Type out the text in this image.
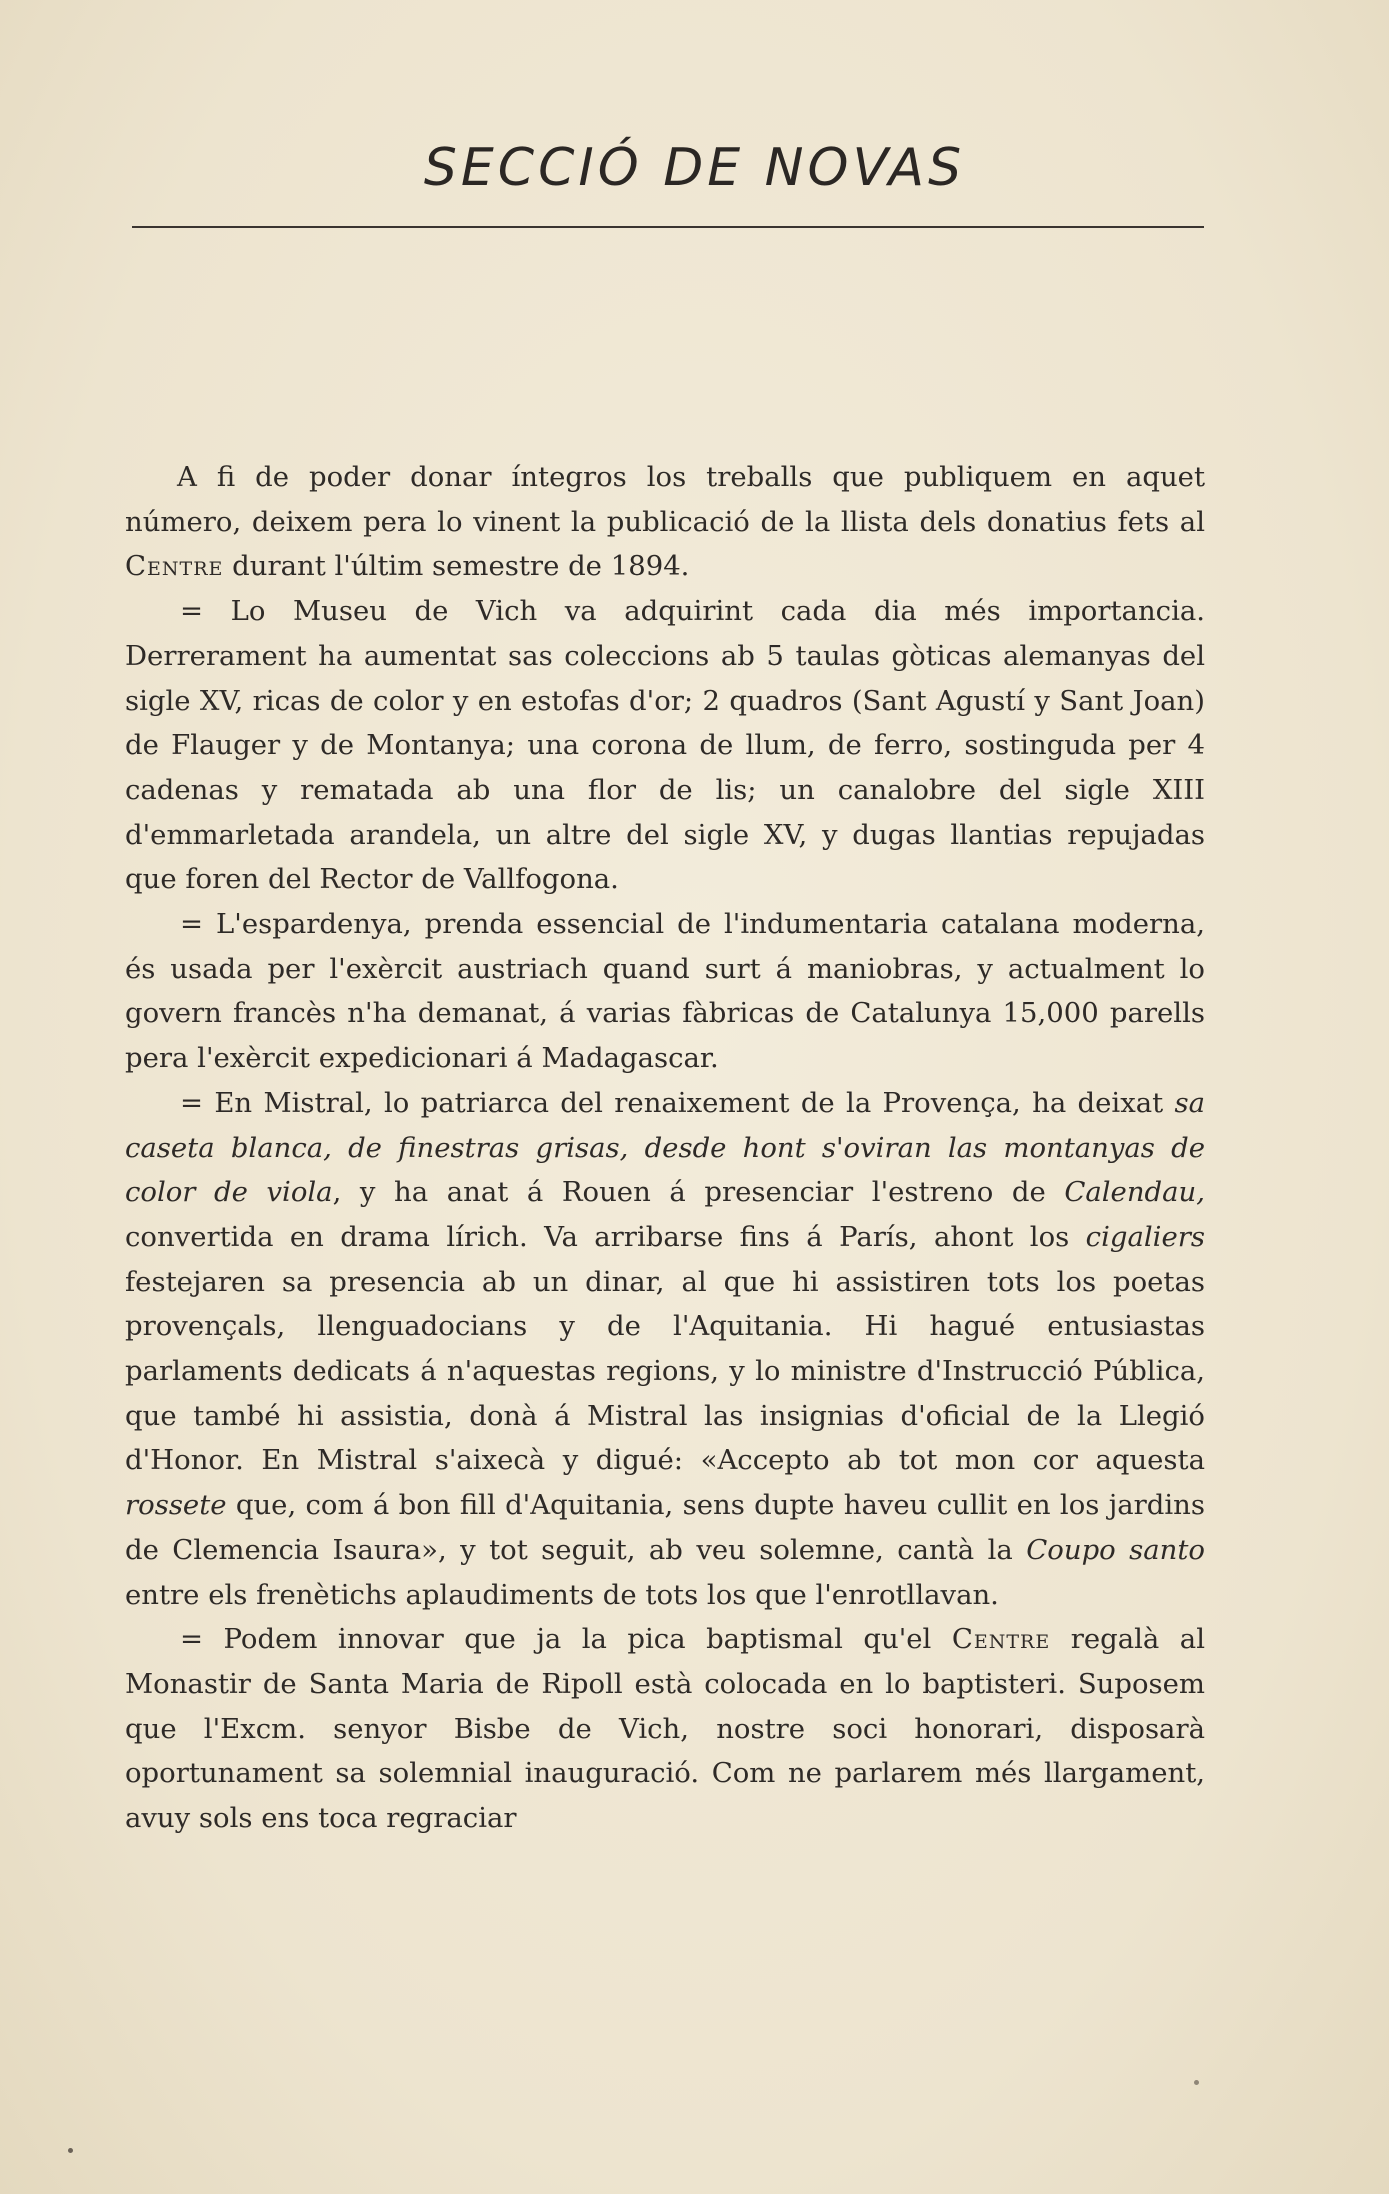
SECCIÓ DE NOVAS

A fi de poder donar íntegros los treballs que publiquem en aquet número, deixem pera lo vinent la publicació de la llista dels donatius fets al Centre durant l'últim semestre de 1894.

= Lo Museu de Vich va adquirint cada dia més importancia. Derrerament ha aumentat sas coleccions ab 5 taulas gòticas alemanyas del sigle XV, ricas de color y en estofas d'or; 2 quadros (Sant Agustí y Sant Joan) de Flauger y de Montanya; una corona de llum, de ferro, sostinguda per 4 cadenas y rematada ab una flor de lis; un canalobre del sigle XIII d'emmarletada arandela, un altre del sigle XV, y dugas llantias repujadas que foren del Rector de Vallfogona.

= L'espardenya, prenda essencial de l'indumentaria catalana moderna, és usada per l'exèrcit austriach quand surt á maniobras, y actualment lo govern francès n'ha demanat, á varias fàbricas de Catalunya 15,000 parells pera l'exèrcit expedicionari á Madagascar.

= En Mistral, lo patriarca del renaixement de la Provença, ha deixat sa caseta blanca, de finestras grisas, desde hont s'oviran las montanyas de color de viola, y ha anat á Rouen á presenciar l'estreno de Calendau, convertida en drama lírich. Va arribarse fins á París, ahont los cigaliers festejaren sa presencia ab un dinar, al que hi assistiren tots los poetas provençals, llenguadocians y de l'Aquitania. Hi hagué entusiastas parlaments dedicats á n'aquestas regions, y lo ministre d'Instrucció Pública, que també hi assistia, donà á Mistral las insignias d'oficial de la Llegió d'Honor. En Mistral s'aixecà y digué: «Accepto ab tot mon cor aquesta rossete que, com á bon fill d'Aquitania, sens dupte haveu cullit en los jardins de Clemencia Isaura», y tot seguit, ab veu solemne, cantà la Coupo santo entre els frenètichs aplaudiments de tots los que l'enrotllavan.

= Podem innovar que ja la pica baptismal qu'el Centre regalà al Monastir de Santa Maria de Ripoll està colocada en lo baptisteri. Suposem que l'Excm. senyor Bisbe de Vich, nostre soci honorari, disposarà oportunament sa solemnial inauguració. Com ne parlarem més llargament, avuy sols ens toca regraciar
